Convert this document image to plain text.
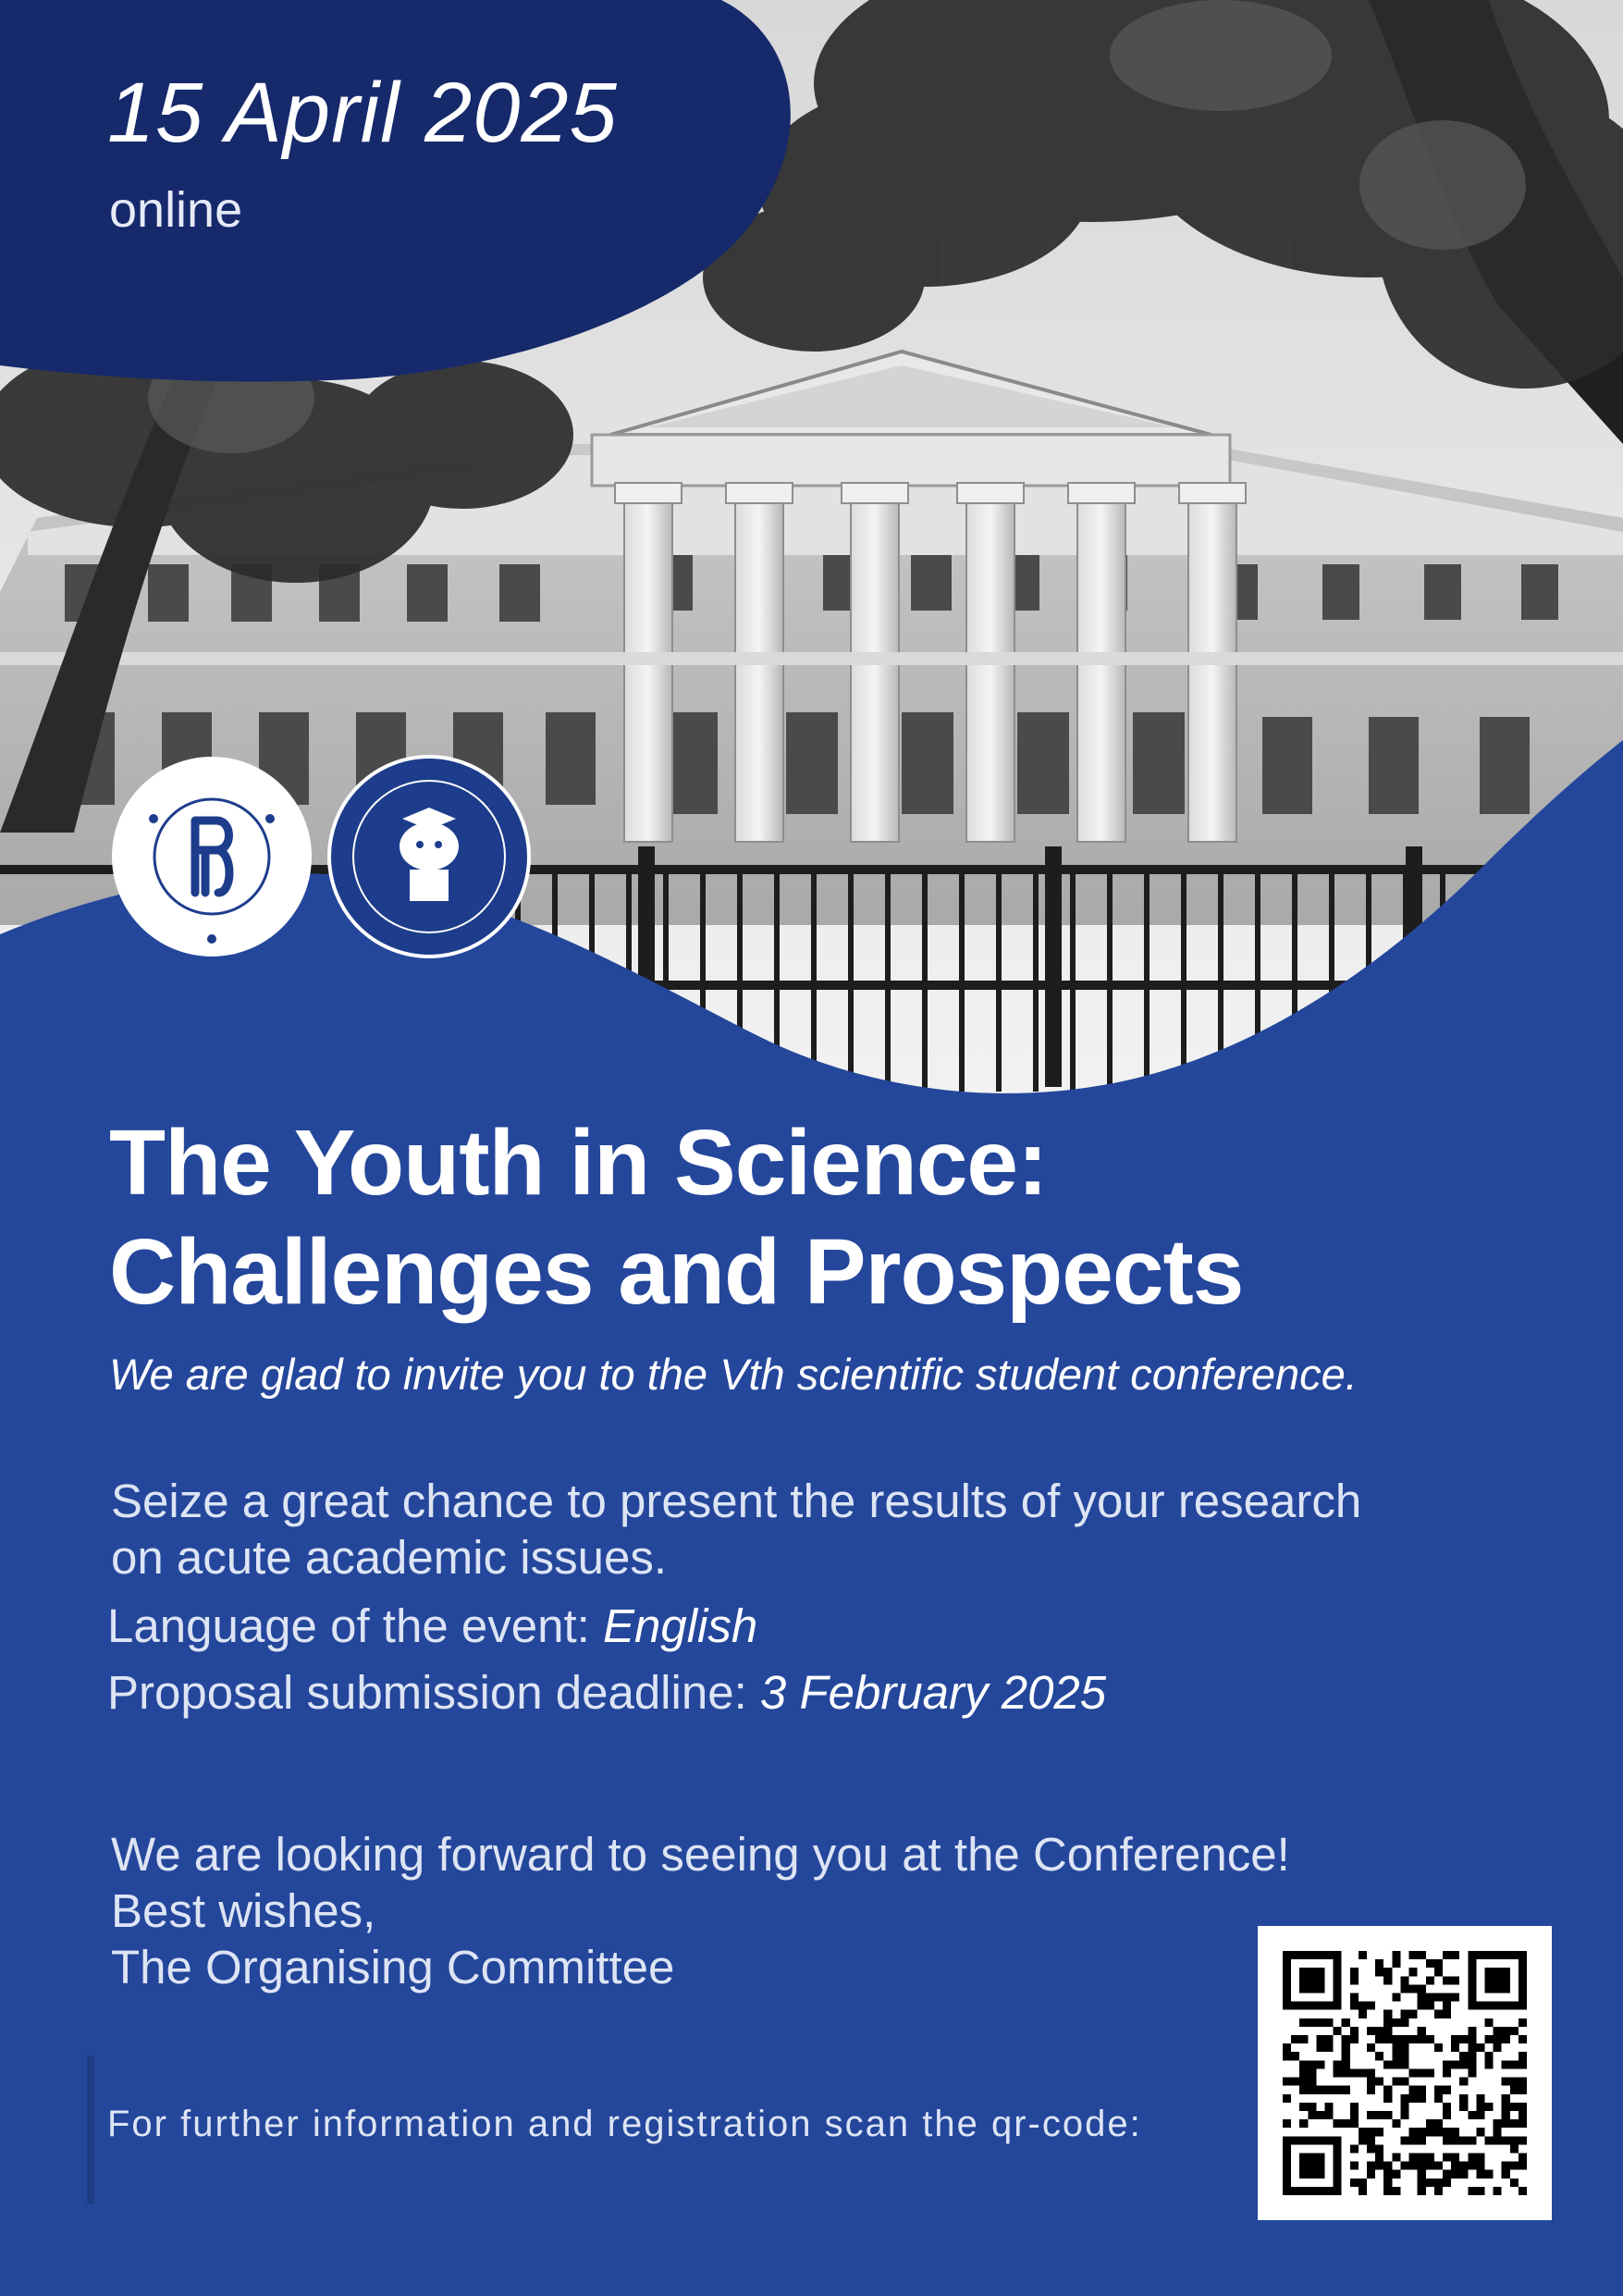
15 April 2025
online
The Youth in Science:
Challenges and Prospects
We are glad to invite you to the Vth scientific student conference.
Seize a great chance to present the results of your research
on acute academic issues.
Language of the event: English
Proposal submission deadline: 3 February 2025
We are looking forward to seeing you at the Conference!
Best wishes,
The Organising Committee
For further information and registration scan the qr-code:
